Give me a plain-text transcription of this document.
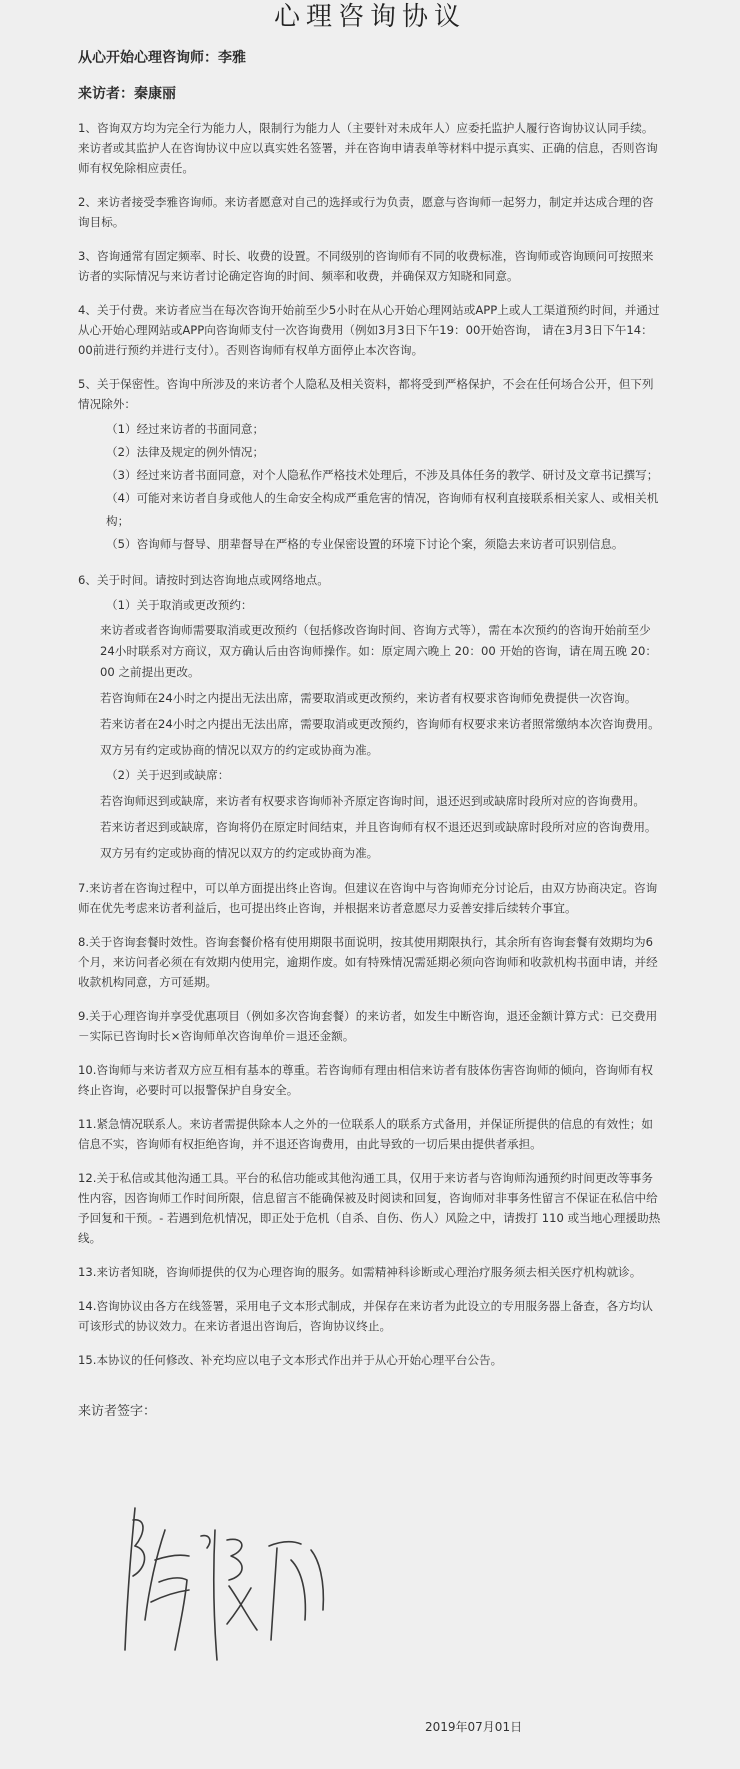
心理咨询协议
从心开始心理咨询师：李雅
来访者：秦康丽
1、咨询双方均为完全行为能力人，限制行为能力人（主要针对未成年人）应委托监护人履行咨询协议认同手续。来访者或其监护人在咨询协议中应以真实姓名签署，并在咨询申请表单等材料中提示真实、正确的信息，否则咨询师有权免除相应责任。
2、来访者接受李雅咨询师。来访者愿意对自己的选择或行为负责，愿意与咨询师一起努力，制定并达成合理的咨询目标。
3、咨询通常有固定频率、时长、收费的设置。不同级别的咨询师有不同的收费标准，咨询师或咨询顾问可按照来访者的实际情况与来访者讨论确定咨询的时间、频率和收费，并确保双方知晓和同意。
4、关于付费。来访者应当在每次咨询开始前至少5小时在从心开始心理网站或APP上或人工渠道预约时间，并通过从心开始心理网站或APP向咨询师支付一次咨询费用（例如3月3日下午19：00开始咨询， 请在3月3日下午14：00前进行预约并进行支付）。否则咨询师有权单方面停止本次咨询。

5、关于保密性。咨询中所涉及的来访者个人隐私及相关资料，都将受到严格保护，不会在任何场合公开，但下列情况除外：

（1）经过来访者的书面同意；
（2）法律及规定的例外情况；
（3）经过来访者书面同意，对个人隐私作严格技术处理后，不涉及具体任务的教学、研讨及文章书记撰写；
（4）可能对来访者自身或他人的生命安全构成严重危害的情况，咨询师有权利直接联系相关家人、或相关机构；
（5）咨询师与督导、朋辈督导在严格的专业保密设置的环境下讨论个案，须隐去来访者可识别信息。
6、关于时间。请按时到达咨询地点或网络地点。
（1）关于取消或更改预约：
来访者或者咨询师需要取消或更改预约（包括修改咨询时间、咨询方式等），需在本次预约的咨询开始前至少24小时联系对方商议，双方确认后由咨询师操作。如：原定周六晚上 20：00 开始的咨询，请在周五晚 20：00 之前提出更改。
若咨询师在24小时之内提出无法出席，需要取消或更改预约，来访者有权要求咨询师免费提供一次咨询。
若来访者在24小时之内提出无法出席，需要取消或更改预约，咨询师有权要求来访者照常缴纳本次咨询费用。
双方另有约定或协商的情况以双方的约定或协商为准。
（2）关于迟到或缺席：
若咨询师迟到或缺席，来访者有权要求咨询师补齐原定咨询时间，退还迟到或缺席时段所对应的咨询费用。
若来访者迟到或缺席，咨询将仍在原定时间结束，并且咨询师有权不退还迟到或缺席时段所对应的咨询费用。
双方另有约定或协商的情况以双方的约定或协商为准。
7.来访者在咨询过程中，可以单方面提出终止咨询。但建议在咨询中与咨询师充分讨论后，由双方协商决定。咨询师在优先考虑来访者利益后，也可提出终止咨询，并根据来访者意愿尽力妥善安排后续转介事宜。
8.关于咨询套餐时效性。咨询套餐价格有使用期限书面说明，按其使用期限执行，其余所有咨询套餐有效期均为6个月，来访问者必须在有效期内使用完，逾期作废。如有特殊情况需延期必须向咨询师和收款机构书面申请，并经收款机构同意，方可延期。
9.关于心理咨询并享受优惠项目（例如多次咨询套餐）的来访者，如发生中断咨询，退还金额计算方式：已交费用－实际已咨询时长×咨询师单次咨询单价＝退还金额。
10.咨询师与来访者双方应互相有基本的尊重。若咨询师有理由相信来访者有肢体伤害咨询师的倾向，咨询师有权终止咨询，必要时可以报警保护自身安全。
11.紧急情况联系人。来访者需提供除本人之外的一位联系人的联系方式备用，并保证所提供的信息的有效性；如信息不实，咨询师有权拒绝咨询，并不退还咨询费用，由此导致的一切后果由提供者承担。
12.关于私信或其他沟通工具。平台的私信功能或其他沟通工具，仅用于来访者与咨询师沟通预约时间更改等事务性内容，因咨询师工作时间所限，信息留言不能确保被及时阅读和回复，咨询师对非事务性留言不保证在私信中给予回复和干预。- 若遇到危机情况，即正处于危机（自杀、自伤、伤人）风险之中，请拨打 110 或当地心理援助热线。
13.来访者知晓，咨询师提供的仅为心理咨询的服务。如需精神科诊断或心理治疗服务须去相关医疗机构就诊。
14.咨询协议由各方在线签署，采用电子文本形式制成，并保存在来访者为此设立的专用服务器上备查，各方均认可该形式的协议效力。在来访者退出咨询后，咨询协议终止。
15.本协议的任何修改、补充均应以电子文本形式作出并于从心开始心理平台公告。
来访者签字：
2019年07月01日
